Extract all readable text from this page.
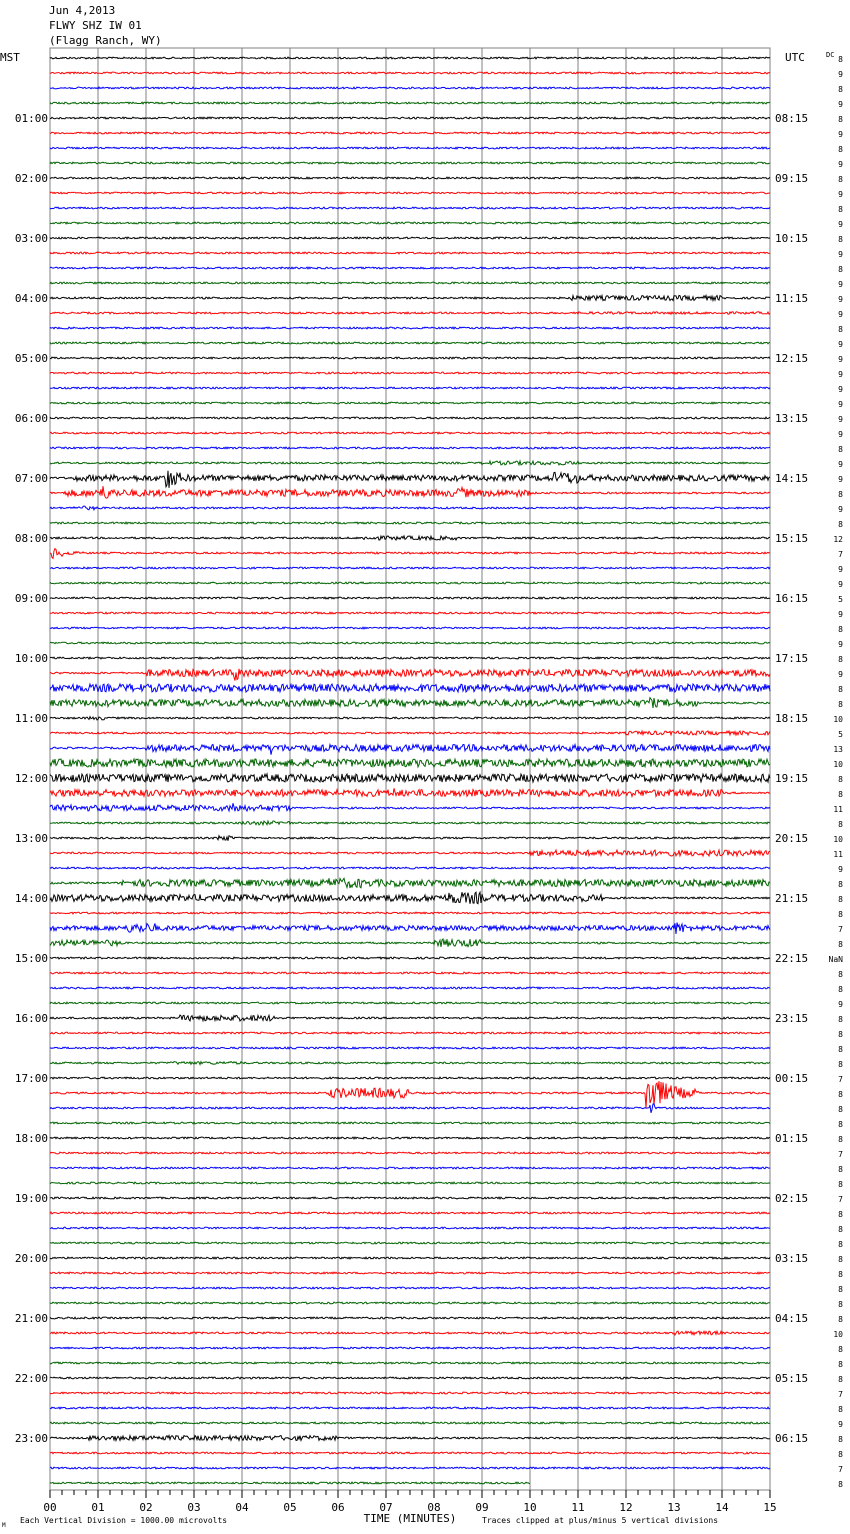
MST	UTC	DC
01:00	08:15
02:00	09:15
03:00	10:15
04:00	11:15
05:00	12:15
06:00	13:15
07:00	14:15
08:00	15:15
09:00	16:15
10:00	17:15
11:00	18:15
12:00	19:15
13:00	20:15
14:00	21:15
15:00	22:15
16:00	23:15
17:00	00:15
18:00	01:15
19:00	02:15
20:00	03:15
21:00	04:15
22:00	05:15
23:00	06:15
8
9
8
9
8
9
8
9
8
9
8
9
8
9
8
9
9
9
8
9
9
9
9
9
9
9
8
9
9
8
9
8
12
7
9
9
5
9
8
9
8
9
8
8
10
5
13
10
8
8
11
8
10
11
9
8
8
8
7
8
NaN
8
8
9
8
8
8
8
7
8
8
8
8
7
8
8
7
8
8
8
8
8
8
8
8
10
8
8
8
7
8
9
8
8
7
8
00	01	02	03	04	05	06	07	08	09	10	11	12	13	14	15
TIME (MINUTES)
Each Vertical Division = 1000.00 microvolts	Traces clipped at plus/minus 5 vertical divisions
M
Jun 4,2013
FLWY SHZ IW 01
(Flagg Ranch, WY)
